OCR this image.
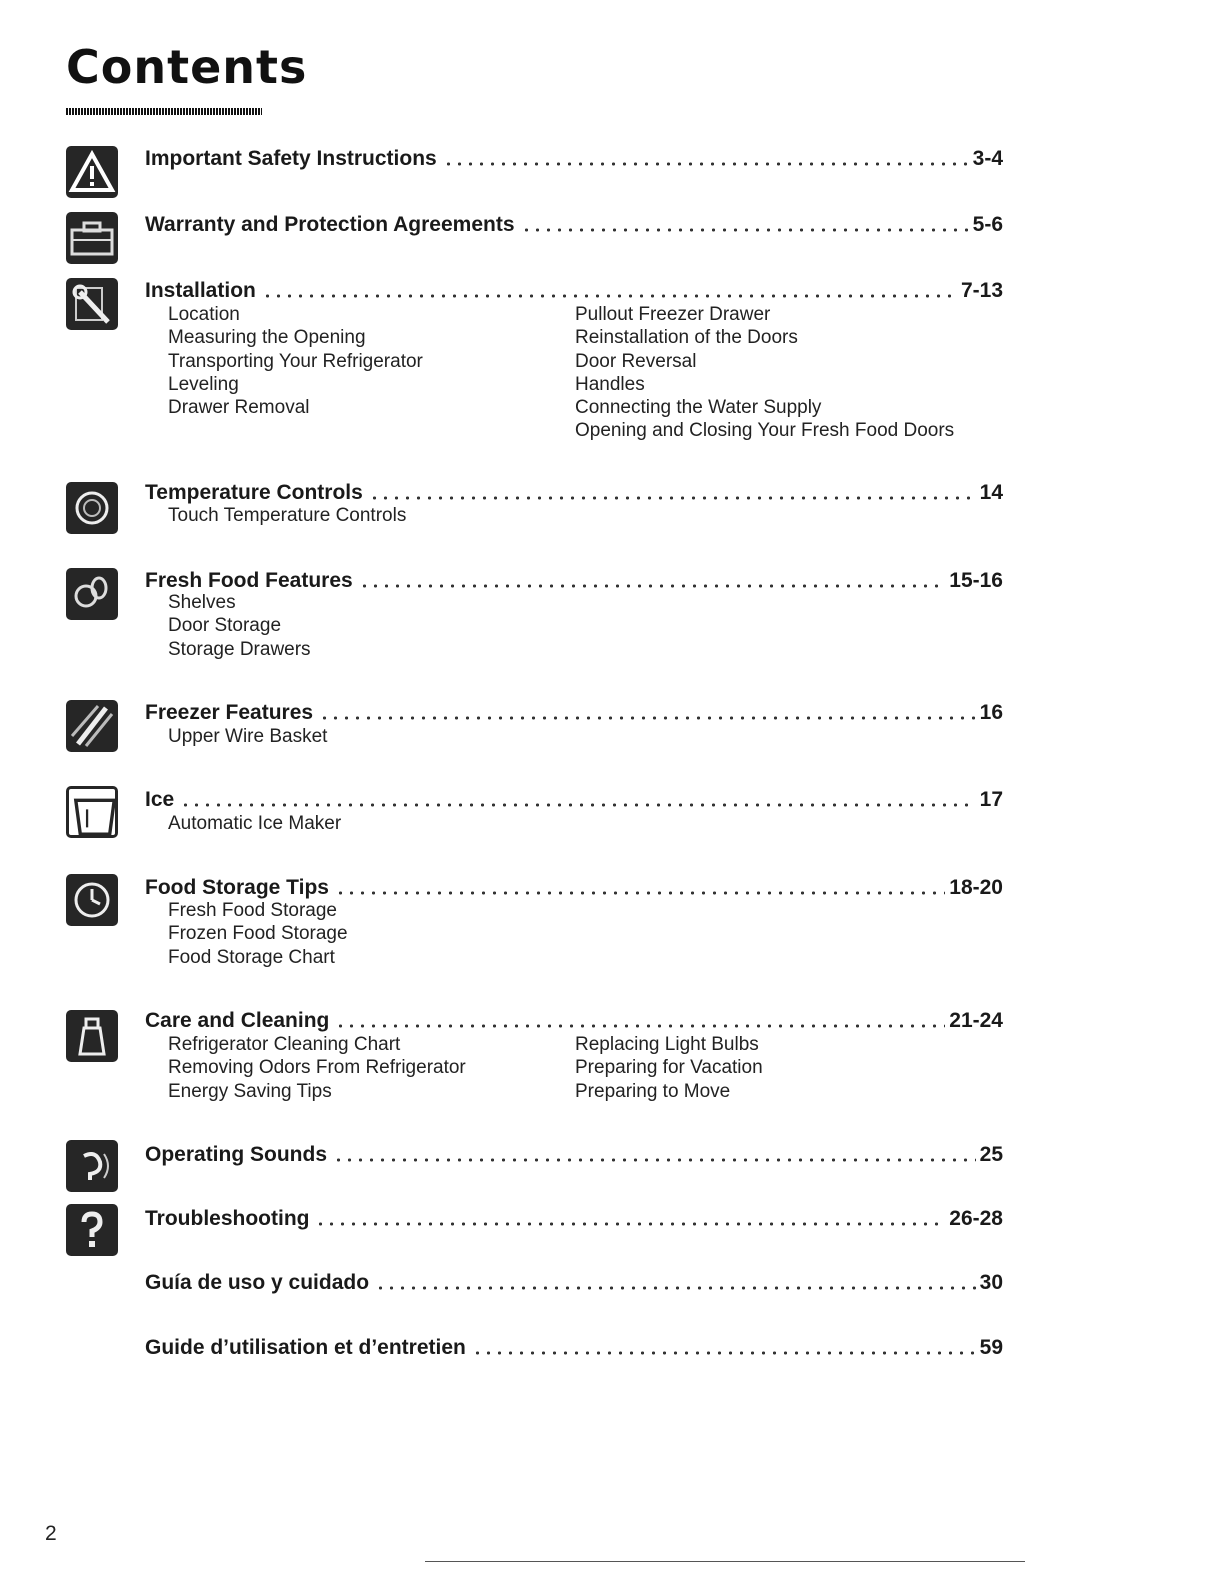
Contents
Important Safety Instructions	3-4
Warranty and Protection Agreements	5-6
Installation	7-13
Location
Measuring the Opening
Transporting Your Refrigerator
Leveling
Drawer Removal
Pullout Freezer Drawer
Reinstallation of the Doors
Door Reversal
Handles
Connecting the Water Supply
Opening and Closing Your Fresh Food Doors
Temperature Controls	14
Touch Temperature Controls
Fresh Food Features	15-16
Shelves
Door Storage
Storage Drawers
Freezer Features	16
Upper Wire Basket
Ice	17
Automatic Ice Maker
Food Storage Tips	18-20
Fresh Food Storage
Frozen Food Storage
Food Storage Chart
Care and Cleaning	21-24
Refrigerator Cleaning Chart
Removing Odors From Refrigerator
Energy Saving Tips
Replacing Light Bulbs
Preparing for Vacation
Preparing to Move
Operating Sounds	25
Troubleshooting	26-28
Guía de uso y cuidado	30
Guide d’utilisation et d’entretien	59
2
